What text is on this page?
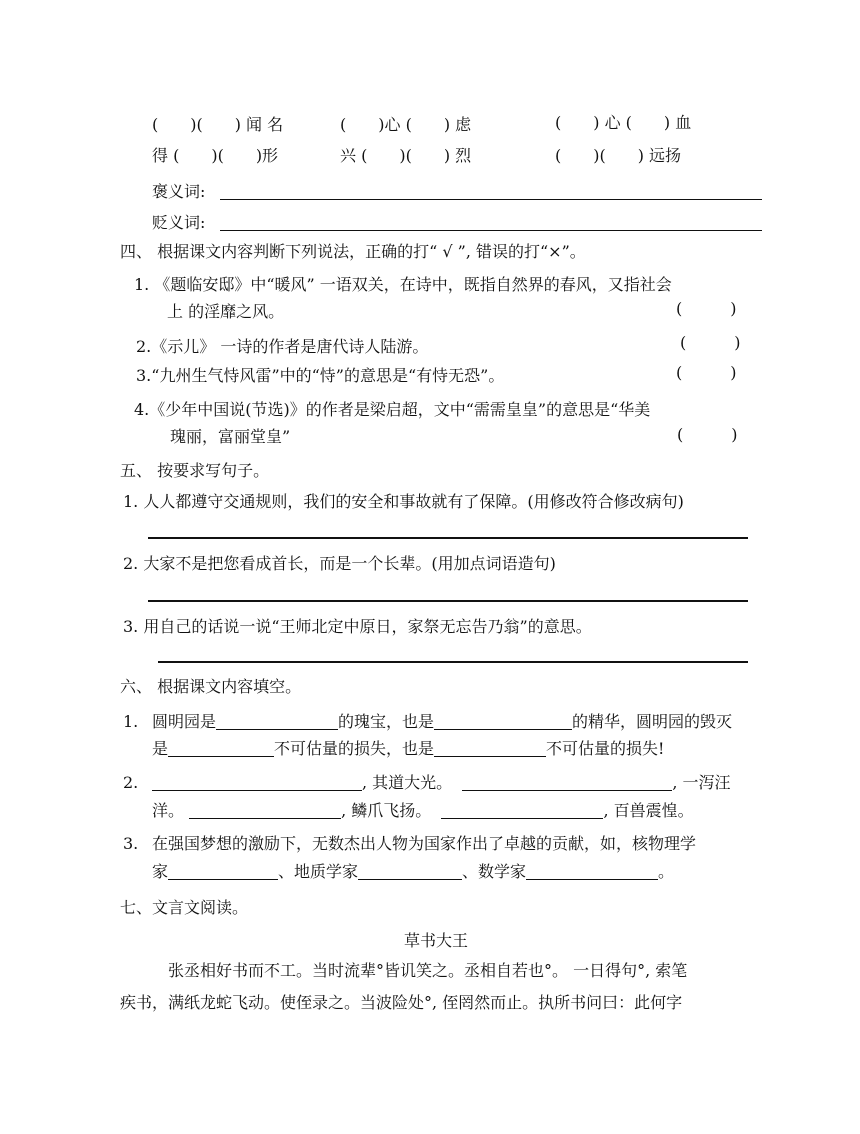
(　　)(　　) 闻 名	(　　)心 (　　) 虑	(　　) 心 (　　) 血
得 (　　)(　　)形	兴 (　　)(　　) 烈	(　　)(　　) 远扬
褒义词:
贬义词:
四、 根据课文内容判断下列说法，正确的打“ √ ”, 错误的打“×”。
1. 《题临安邸》中“暖风” 一语双关，在诗中，既指自然界的春风，又指社会
上 的淫靡之风。	(　　　)
2.《示儿》 一诗的作者是唐代诗人陆游。	(　　　)
3.“九州生气恃风雷”中的“恃”的意思是“有恃无恐”。	(　　　)
4.《少年中国说(节选)》的作者是梁启超，文中“需需皇皇”的意思是“华美
瑰丽，富丽堂皇”	(　　　)
五、 按要求写句子。
1. 人人都遵守交通规则，我们的安全和事故就有了保障。(用修改符合修改病句)
2. 大家不是把您看成首长，而是一个长辈。(用加点词语造句)
3. 用自己的话说一说“王师北定中原日，家祭无忘告乃翁”的意思。
六、 根据课文内容填空。
1. 圆明园是	的瑰宝，也是	的精华，圆明园的毁灭
是	不可估量的损失，也是	不可估量的损失!
2.	, 其道大光。	, 一泻汪
洋。	, 鳞爪飞扬。	, 百兽震惶。
3. 在强国梦想的激励下，无数杰出人物为国家作出了卓越的贡献，如，核物理学
家	、地质学家	、数学家	。
七、文言文阅读。
草书大王
张丞相好书而不工。当时流辈°皆讥笑之。丞相自若也°。 一日得句°, 索笔
疾书，满纸龙蛇飞动。使侄录之。当波险处°, 侄罔然而止。执所书问曰：此何字
